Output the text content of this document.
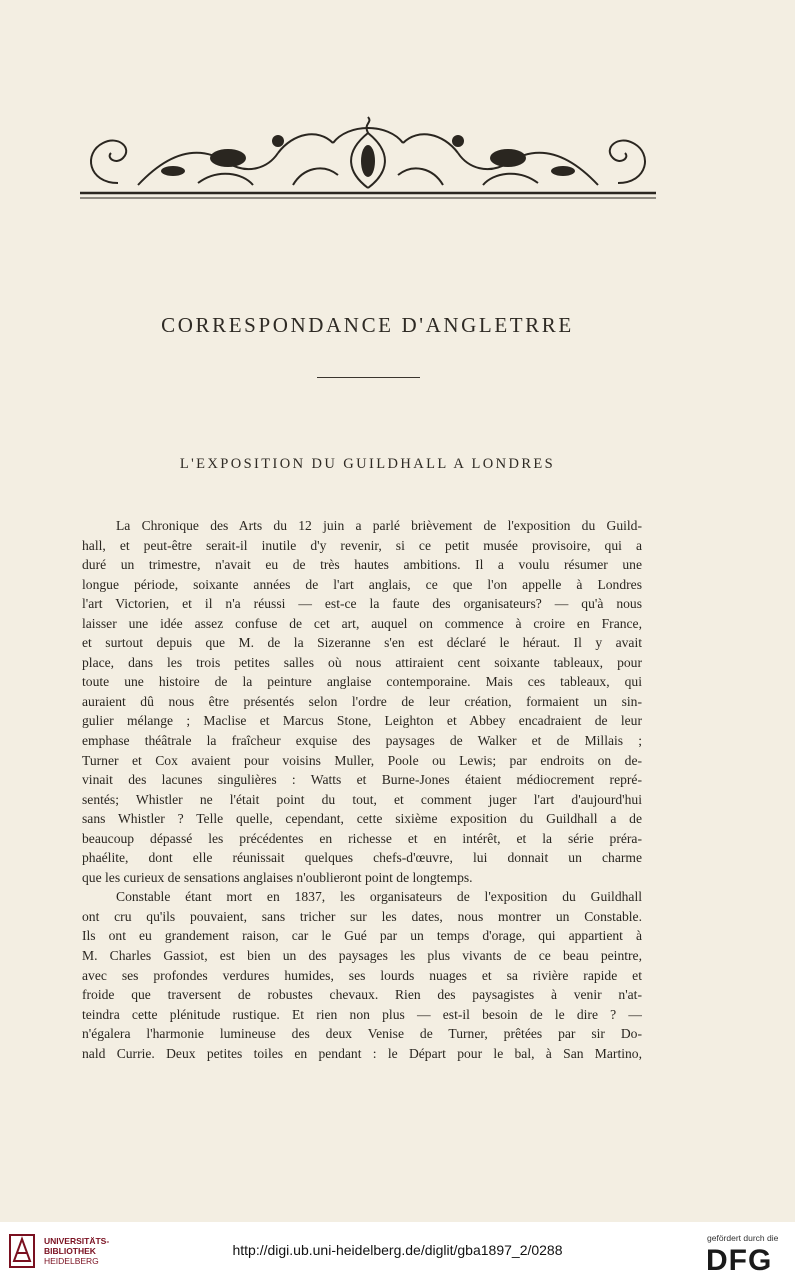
CORRESPONDANCE D'ANGLETRRE
L'EXPOSITION DU GUILDHALL A LONDRES
La Chronique des Arts du 12 juin a parlé brièvement de l'exposition du Guild-
hall, et peut-être serait-il inutile d'y revenir, si ce petit musée provisoire, qui a
duré un trimestre, n'avait eu de très hautes ambitions. Il a voulu résumer une
longue période, soixante années de l'art anglais, ce que l'on appelle à Londres
l'art Victorien, et il n'a réussi — est-ce la faute des organisateurs? — qu'à nous
laisser une idée assez confuse de cet art, auquel on commence à croire en France,
et surtout depuis que M. de la Sizeranne s'en est déclaré le héraut. Il y avait
place, dans les trois petites salles où nous attiraient cent soixante tableaux, pour
toute une histoire de la peinture anglaise contemporaine. Mais ces tableaux, qui
auraient dû nous être présentés selon l'ordre de leur création, formaient un sin-
gulier mélange ; Maclise et Marcus Stone, Leighton et Abbey encadraient de leur
emphase théâtrale la fraîcheur exquise des paysages de Walker et de Millais ;
Turner et Cox avaient pour voisins Muller, Poole ou Lewis; par endroits on de-
vinait des lacunes singulières : Watts et Burne-Jones étaient médiocrement repré-
sentés; Whistler ne l'était point du tout, et comment juger l'art d'aujourd'hui
sans Whistler ? Telle quelle, cependant, cette sixième exposition du Guildhall a de
beaucoup dépassé les précédentes en richesse et en intérêt, et la série préra-
phaélite, dont elle réunissait quelques chefs-d'œuvre, lui donnait un charme
que les curieux de sensations anglaises n'oublieront point de longtemps.
Constable étant mort en 1837, les organisateurs de l'exposition du Guildhall
ont cru qu'ils pouvaient, sans tricher sur les dates, nous montrer un Constable.
Ils ont eu grandement raison, car le Gué par un temps d'orage, qui appartient à
M. Charles Gassiot, est bien un des paysages les plus vivants de ce beau peintre,
avec ses profondes verdures humides, ses lourds nuages et sa rivière rapide et
froide que traversent de robustes chevaux. Rien des paysagistes à venir n'at-
teindra cette plénitude rustique. Et rien non plus — est-il besoin de le dire ? —
n'égalera l'harmonie lumineuse des deux Venise de Turner, prêtées par sir Do-
nald Currie. Deux petites toiles en pendant : le Départ pour le bal, à San Martino,
UNIVERSITÄTS-
BIBLIOTHEK
HEIDELBERG
http://digi.ub.uni-heidelberg.de/diglit/gba1897_2/0288
gefördert durch die
DFG
